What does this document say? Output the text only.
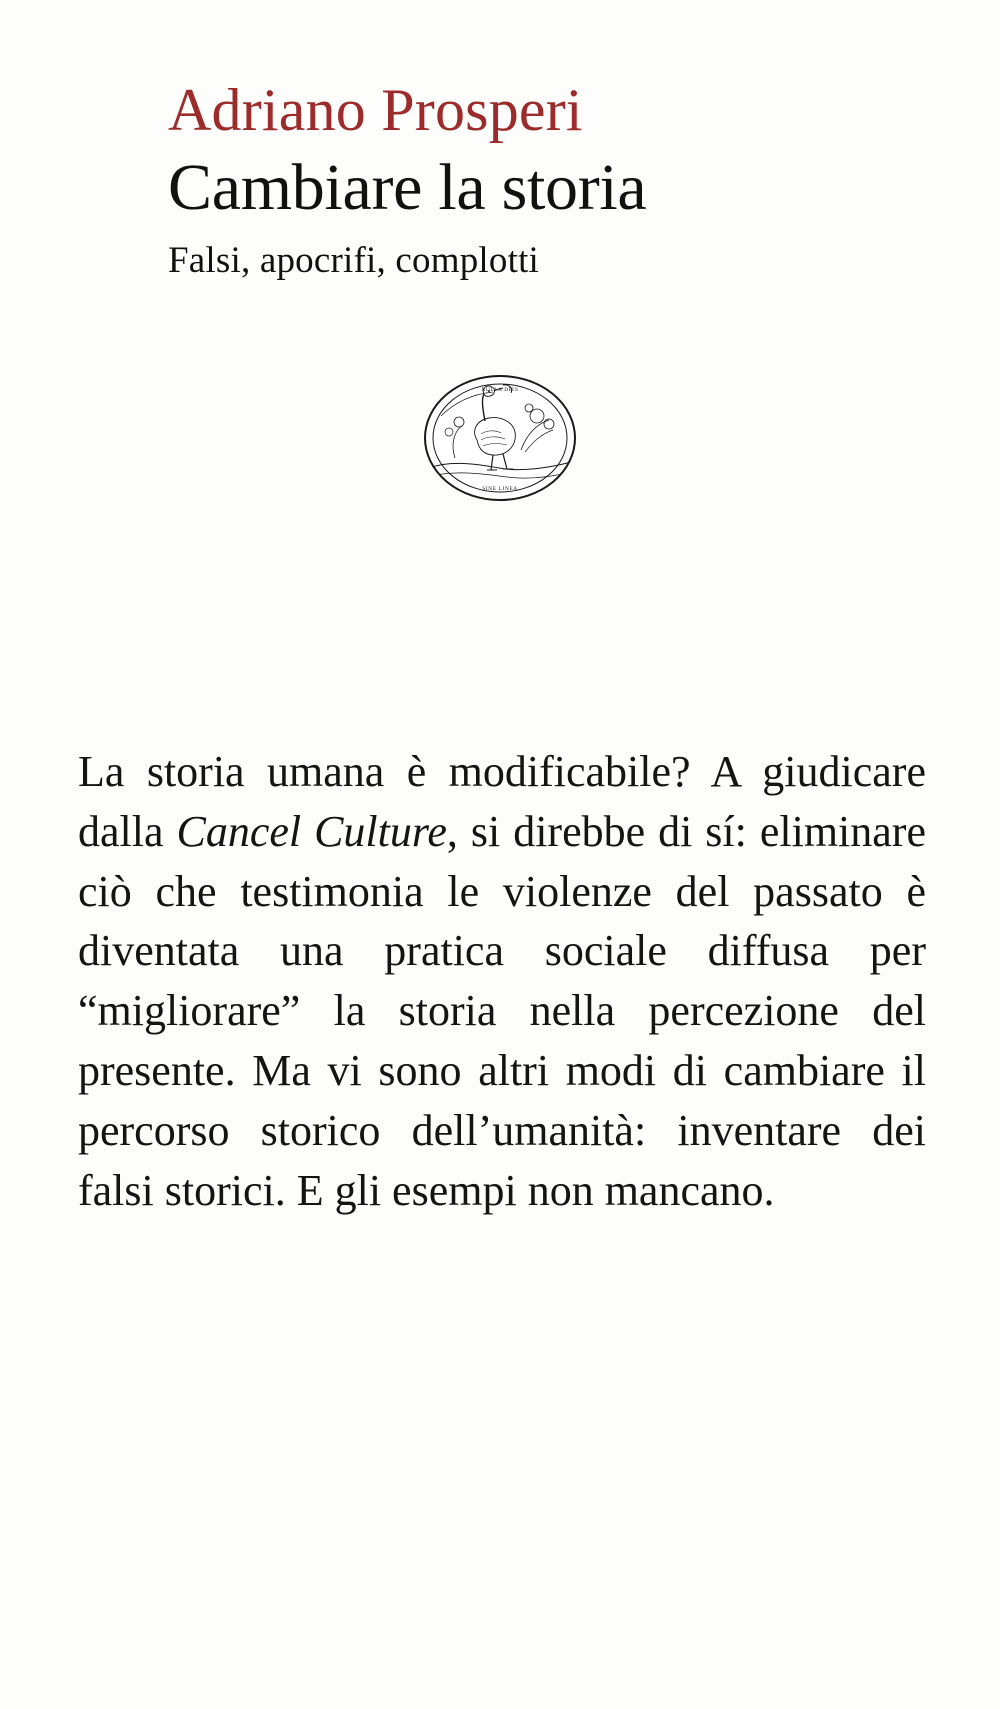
Adriano Prosperi
Cambiare la storia
Falsi, apocrifi, complotti
NULLA DIES
SINE LINEA

La storia umana è modificabile? A giudicare dalla Cancel Culture, si direbbe di sí: eliminare ciò che testimonia le violenze del passato è diventata una pratica sociale diffusa per “migliorare” la storia nella percezione del presente. Ma vi sono altri modi di cambiare il percorso storico dell’umanità: inventare dei falsi storici. E gli esempi non mancano.
